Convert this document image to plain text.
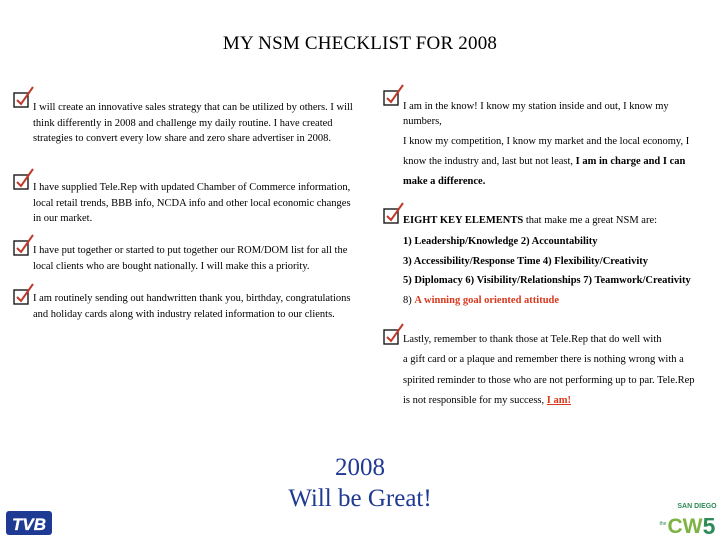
MY NSM CHECKLIST FOR 2008
I will create an innovative sales strategy that can be utilized by others. I will think differently in 2008 and challenge my daily routine. I have created strategies to convert every low share and zero share advertiser in 2008.
I have supplied Tele.Rep with updated Chamber of Commerce information, local retail trends, BBB info, NCDA info and other local economic changes in our market.
I have put together or started to put together our ROM/DOM list for all the local clients who are bought nationally. I will make this a priority.
I am routinely sending out handwritten thank you, birthday, congratulations and holiday cards along with industry related information to our clients.
I am in the know! I know my station inside and out, I know my numbers,
I know my competition, I know my market and the local economy, I
know the industry and, last but not least, I am in charge and I can
make a difference.
EIGHT KEY ELEMENTS that make me a great NSM are:
1) Leadership/Knowledge 2) Accountability
3) Accessibility/Response Time 4) Flexibility/Creativity
5) Diplomacy 6) Visibility/Relationships 7) Teamwork/Creativity
8) A winning goal oriented attitude
Lastly, remember to thank those at Tele.Rep that do well with
a gift card or a plaque and remember there is nothing wrong with a
spirited reminder to those who are not performing up to par. Tele.Rep
is not responsible for my success, I am!
2008
Will be Great!
TVB
SAN DIEGO
the CW 5
